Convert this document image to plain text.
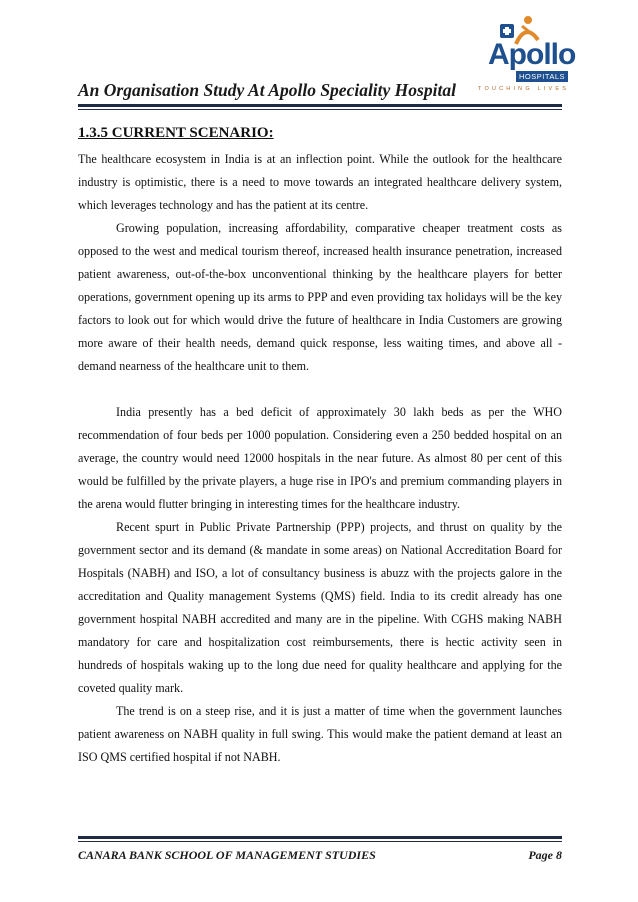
An Organisation Study At Apollo Speciality Hospital
Apollo
HOSPITALS
TOUCHING LIVES
1.3.5 CURRENT SCENARIO:

The healthcare ecosystem in India is at an inflection point. While the outlook for the healthcare industry is optimistic, there is a need to move towards an integrated healthcare delivery system, which leverages technology and has the patient at its centre.

Growing population, increasing affordability, comparative cheaper treatment costs as opposed to the west and medical tourism thereof, increased health insurance penetration, increased patient awareness, out-of-the-box unconventional thinking by the healthcare players for better operations, government opening up its arms to PPP and even providing tax holidays will be the key factors to look out for which would drive the future of healthcare in India Customers are growing more aware of their health needs, demand quick response, less waiting times, and above all - demand nearness of the healthcare unit to them.

India presently has a bed deficit of approximately 30 lakh beds as per the WHO recommendation of four beds per 1000 population. Considering even a 250 bedded hospital on an average, the country would need 12000 hospitals in the near future. As almost 80 per cent of this would be fulfilled by the private players, a huge rise in IPO's and premium commanding players in the arena would flutter bringing in interesting times for the healthcare industry.

Recent spurt in Public Private Partnership (PPP) projects, and thrust on quality by the government sector and its demand (& mandate in some areas) on National Accreditation Board for Hospitals (NABH) and ISO, a lot of consultancy business is abuzz with the projects galore in the accreditation and Quality management Systems (QMS) field. India to its credit already has one government hospital NABH accredited and many are in the pipeline. With CGHS making NABH mandatory for care and hospitalization cost reimbursements, there is hectic activity seen in hundreds of hospitals waking up to the long due need for quality healthcare and applying for the coveted quality mark.

The trend is on a steep rise, and it is just a matter of time when the government launches patient awareness on NABH quality in full swing. This would make the patient demand at least an ISO QMS certified hospital if not NABH.

CANARA BANK SCHOOL OF MANAGEMENT STUDIES	Page 8
